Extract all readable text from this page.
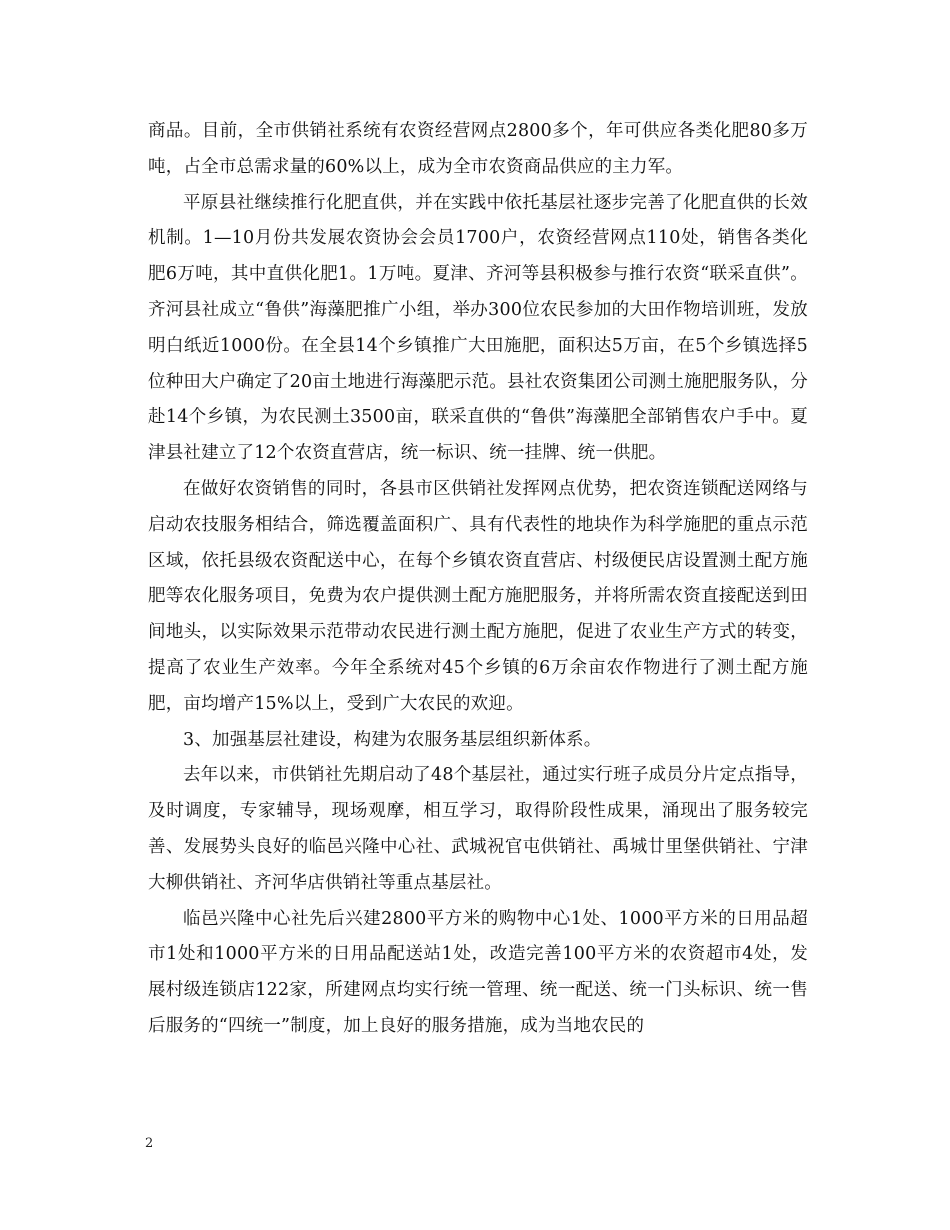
商品。目前，全市供销社系统有农资经营网点2800多个，年可供应各类化肥80多万吨，占全市总需求量的60%以上，成为全市农资商品供应的主力军。

平原县社继续推行化肥直供，并在实践中依托基层社逐步完善了化肥直供的长效机制。1—10月份共发展农资协会会员1700户，农资经营网点110处，销售各类化肥6万吨，其中直供化肥1。1万吨。夏津、齐河等县积极参与推行农资“联采直供”。齐河县社成立“鲁供”海藻肥推广小组，举办300位农民参加的大田作物培训班，发放明白纸近1000份。在全县14个乡镇推广大田施肥，面积达5万亩，在5个乡镇选择5位种田大户确定了20亩土地进行海藻肥示范。县社农资集团公司测土施肥服务队，分赴14个乡镇，为农民测土3500亩，联采直供的“鲁供”海藻肥全部销售农户手中。夏津县社建立了12个农资直营店，统一标识、统一挂牌、统一供肥。

在做好农资销售的同时，各县市区供销社发挥网点优势，把农资连锁配送网络与启动农技服务相结合，筛选覆盖面积广、具有代表性的地块作为科学施肥的重点示范区域，依托县级农资配送中心，在每个乡镇农资直营店、村级便民店设置测土配方施肥等农化服务项目，免费为农户提供测土配方施肥服务，并将所需农资直接配送到田间地头，以实际效果示范带动农民进行测土配方施肥，促进了农业生产方式的转变，提高了农业生产效率。今年全系统对45个乡镇的6万余亩农作物进行了测土配方施肥，亩均增产15%以上，受到广大农民的欢迎。

3、加强基层社建设，构建为农服务基层组织新体系。

去年以来，市供销社先期启动了48个基层社，通过实行班子成员分片定点指导，及时调度，专家辅导，现场观摩，相互学习，取得阶段性成果，涌现出了服务较完善、发展势头良好的临邑兴隆中心社、武城祝官屯供销社、禹城廿里堡供销社、宁津大柳供销社、齐河华店供销社等重点基层社。

临邑兴隆中心社先后兴建2800平方米的购物中心1处、1000平方米的日用品超市1处和1000平方米的日用品配送站1处，改造完善100平方米的农资超市4处，发展村级连锁店122家，所建网点均实行统一管理、统一配送、统一门头标识、统一售后服务的“四统一”制度，加上良好的服务措施，成为当地农民的

2
